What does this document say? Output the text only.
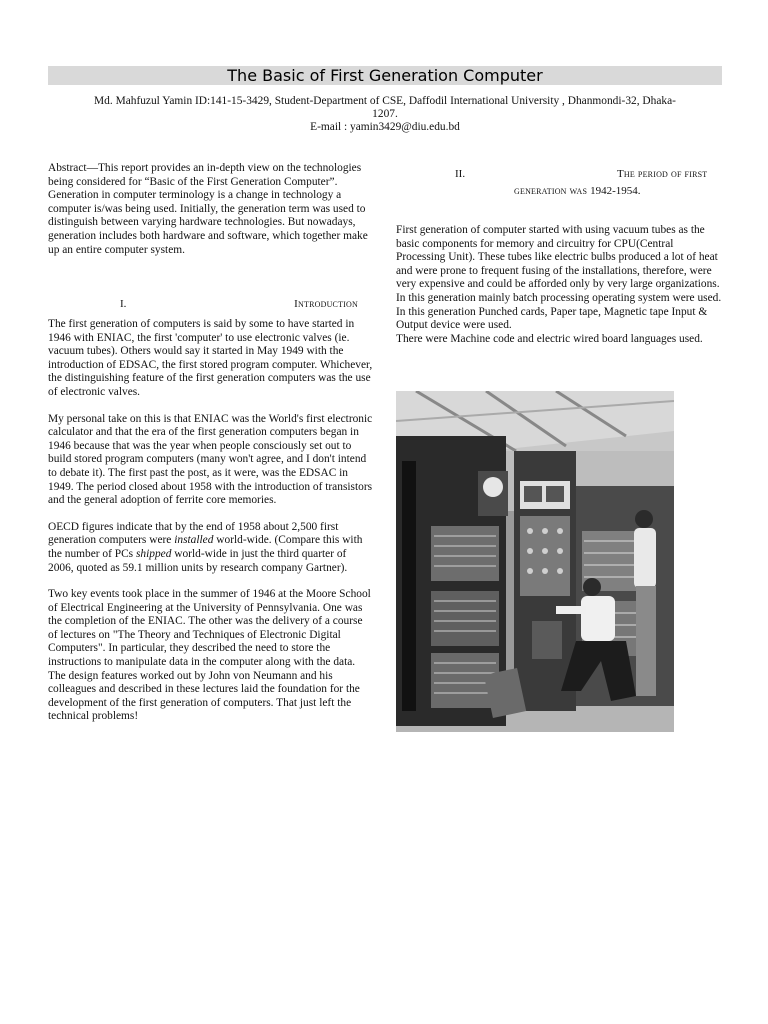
The Basic of First Generation Computer
Md. Mahfuzul Yamin ID:141-15-3429, Student-Department of CSE, Daffodil International University , Dhanmondi-32, Dhaka-
1207.
E-mail : yamin3429@diu.edu.bd

Abstract—This report provides an in-depth view on the technologies being considered for “Basic of the First Generation Computer”.

Generation in computer terminology is a change in technology a computer is/was being used. Initially, the generation term was used to distinguish between varying hardware technologies. But nowadays, generation includes both hardware and software, which together make up an entire computer system.

I.	Introduction

The first generation of computers is said by some to have started in 1946 with ENIAC, the first 'computer' to use electronic valves (ie. vacuum tubes). Others would say it started in May 1949 with the introduction of EDSAC, the first stored program computer. Whichever, the distinguishing feature of the first generation computers was the use of electronic valves.

My personal take on this is that ENIAC was the World's first electronic calculator and that the era of the first generation computers began in 1946 because that was the year when people consciously set out to build stored program computers (many won't agree, and I don't intend to debate it). The first past the post, as it were, was the EDSAC in 1949. The period closed about 1958 with the introduction of transistors and the general adoption of ferrite core memories.

OECD figures indicate that by the end of 1958 about 2,500 first generation computers were installed world-wide. (Compare this with the number of PCs shipped world-wide in just the third quarter of 2006, quoted as 59.1 million units by research company Gartner).

Two key events took place in the summer of 1946 at the Moore School of Electrical Engineering at the University of Pennsylvania. One was the completion of the ENIAC. The other was the delivery of a course of lectures on "The Theory and Techniques of Electronic Digital Computers". In particular, they described the need to store the instructions to manipulate data in the computer along with the data. The design features worked out by John von Neumann and his colleagues and described in these lectures laid the foundation for the development of the first generation of computers. That just left the technical problems!

II.	The period of first
generation was 1942-1954.

First generation of computer started with using vacuum tubes as the basic components for memory and circuitry for CPU(Central Processing Unit). These tubes like electric bulbs produced a lot of heat and were prone to frequent fusing of the installations, therefore, were very expensive and could be afforded only by very large organizations.

In this generation mainly batch processing operating system were used. In this generation Punched cards, Paper tape, Magnetic tape Input & Output device were used.

There were Machine code and electric wired board languages used.
